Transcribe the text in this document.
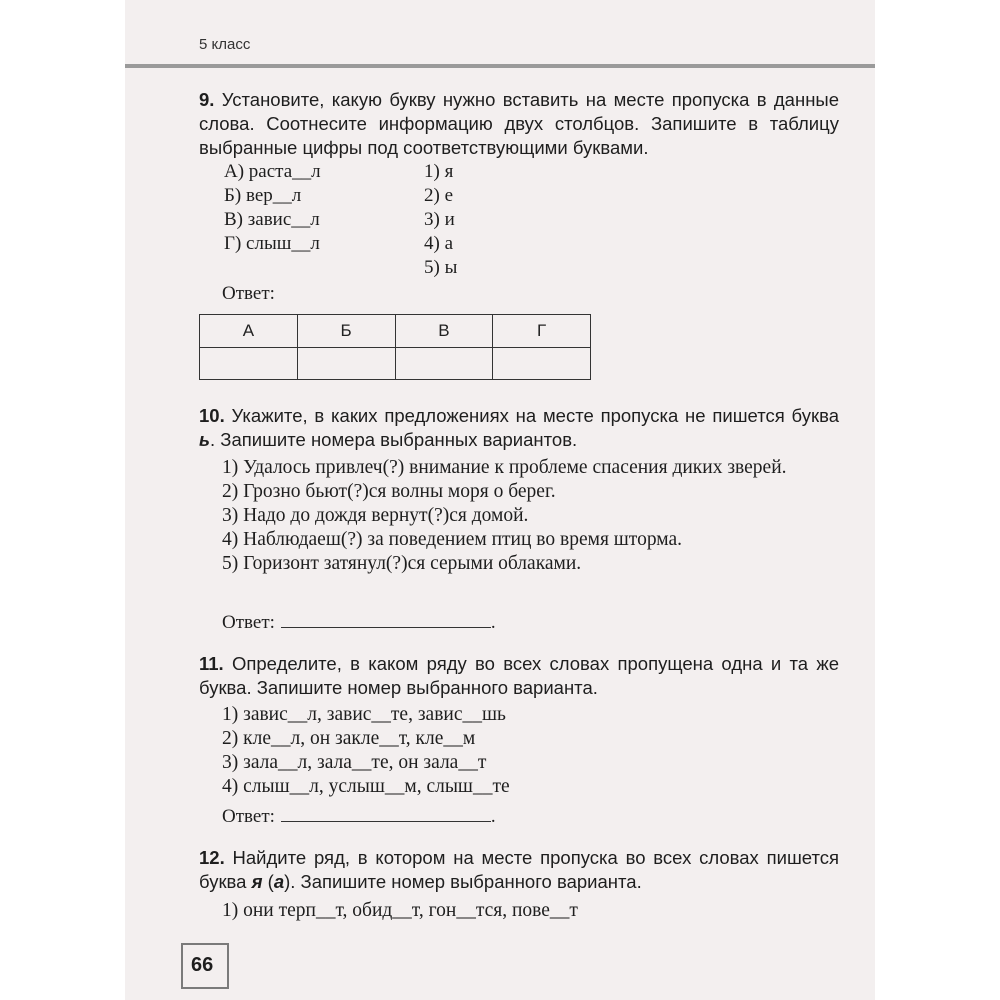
5 класс
9. Установите, какую букву нужно вставить на месте пропуска в данные слова. Соотнесите информацию двух столбцов. Запишите в таблицу выбранные цифры под соответствующими буквами.
А) раста__л
Б) вер__л
В) завис__л
Г) слыш__л
1) я
2) е
3) и
4) а
5) ы
Ответ:
А	Б	В	Г

10. Укажите, в каких предложениях на месте пропуска не пишется буква ь. Запишите номера выбранных вариантов.
1) Удалось привлеч(?) внимание к проблеме спасения диких зверей.
2) Грозно бьют(?)ся волны моря о берег.
3) Надо до дождя вернут(?)ся домой.
4) Наблюдаеш(?) за поведением птиц во время шторма.
5) Горизонт затянул(?)ся серыми облаками.
Ответ:	.
11. Определите, в каком ряду во всех словах пропущена одна и та же буква. Запишите номер выбранного варианта.
1) завис__л, завис__те, завис__шь
2) кле__л, он закле__т, кле__м
3) зала__л, зала__те, он зала__т
4) слыш__л, услыш__м, слыш__те
Ответ:	.
12. Найдите ряд, в котором на месте пропуска во всех словах пишется буква я (а). Запишите номер выбранного варианта.
1) они терп__т, обид__т, гон__тся, пове__т
66
